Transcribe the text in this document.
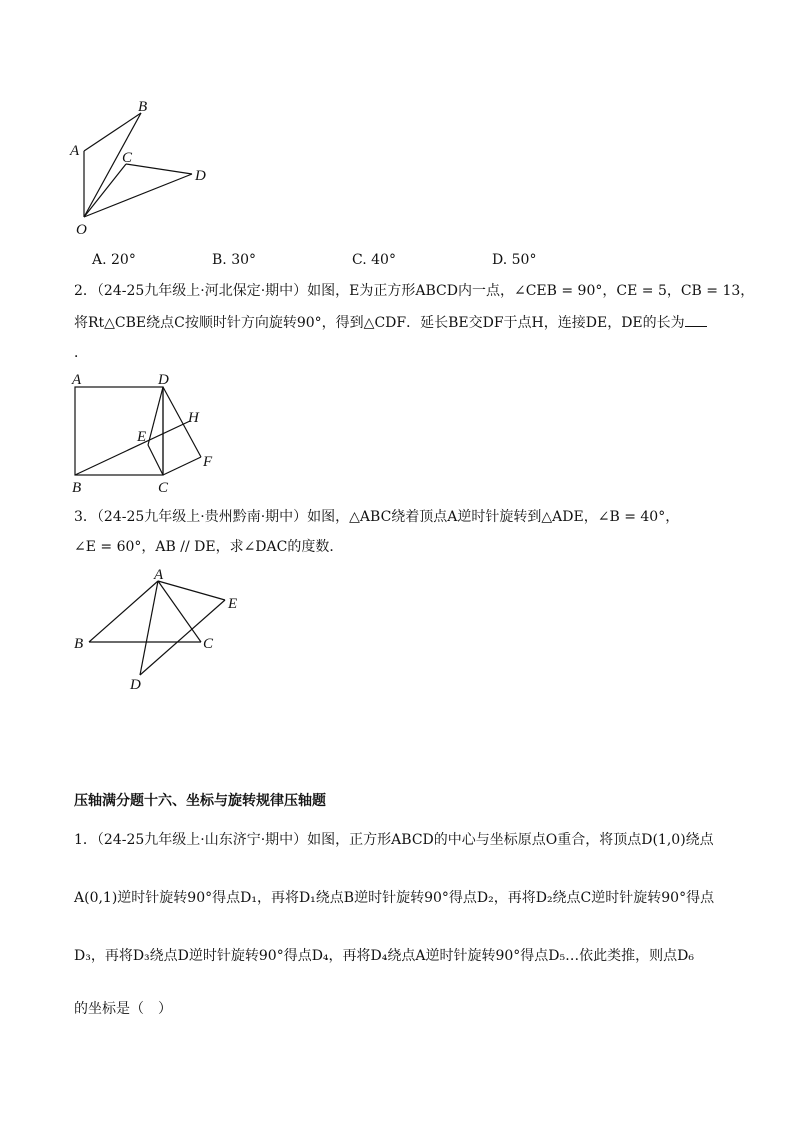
B
A	C
D
O
A. 20°	B. 30°	C. 40°	D. 50°
2．（24-25九年级上·河北保定·期中）如图，E为正方形ABCD内一点，∠CEB = 90°，CE = 5，CB = 13，
将Rt△CBE绕点C按顺时针方向旋转90°，得到△CDF．延长BE交DF于点H，连接DE，DE的长为
．
A	D
H
E
F
B	C
3．（24-25九年级上·贵州黔南·期中）如图，△ABC绕着顶点A逆时针旋转到△ADE，∠B = 40°，
∠E = 60°，AB // DE，求∠DAC的度数．
A
E
B	C
D
压轴满分题十六、坐标与旋转规律压轴题
1．（24-25九年级上·山东济宁·期中）如图，正方形ABCD的中心与坐标原点O重合，将顶点D(1,0)绕点
A(0,1)逆时针旋转90°得点D₁，再将D₁绕点B逆时针旋转90°得点D₂，再将D₂绕点C逆时针旋转90°得点
D₃，再将D₃绕点D逆时针旋转90°得点D₄，再将D₄绕点A逆时针旋转90°得点D₅…依此类推，则点D₆
的坐标是（　）
